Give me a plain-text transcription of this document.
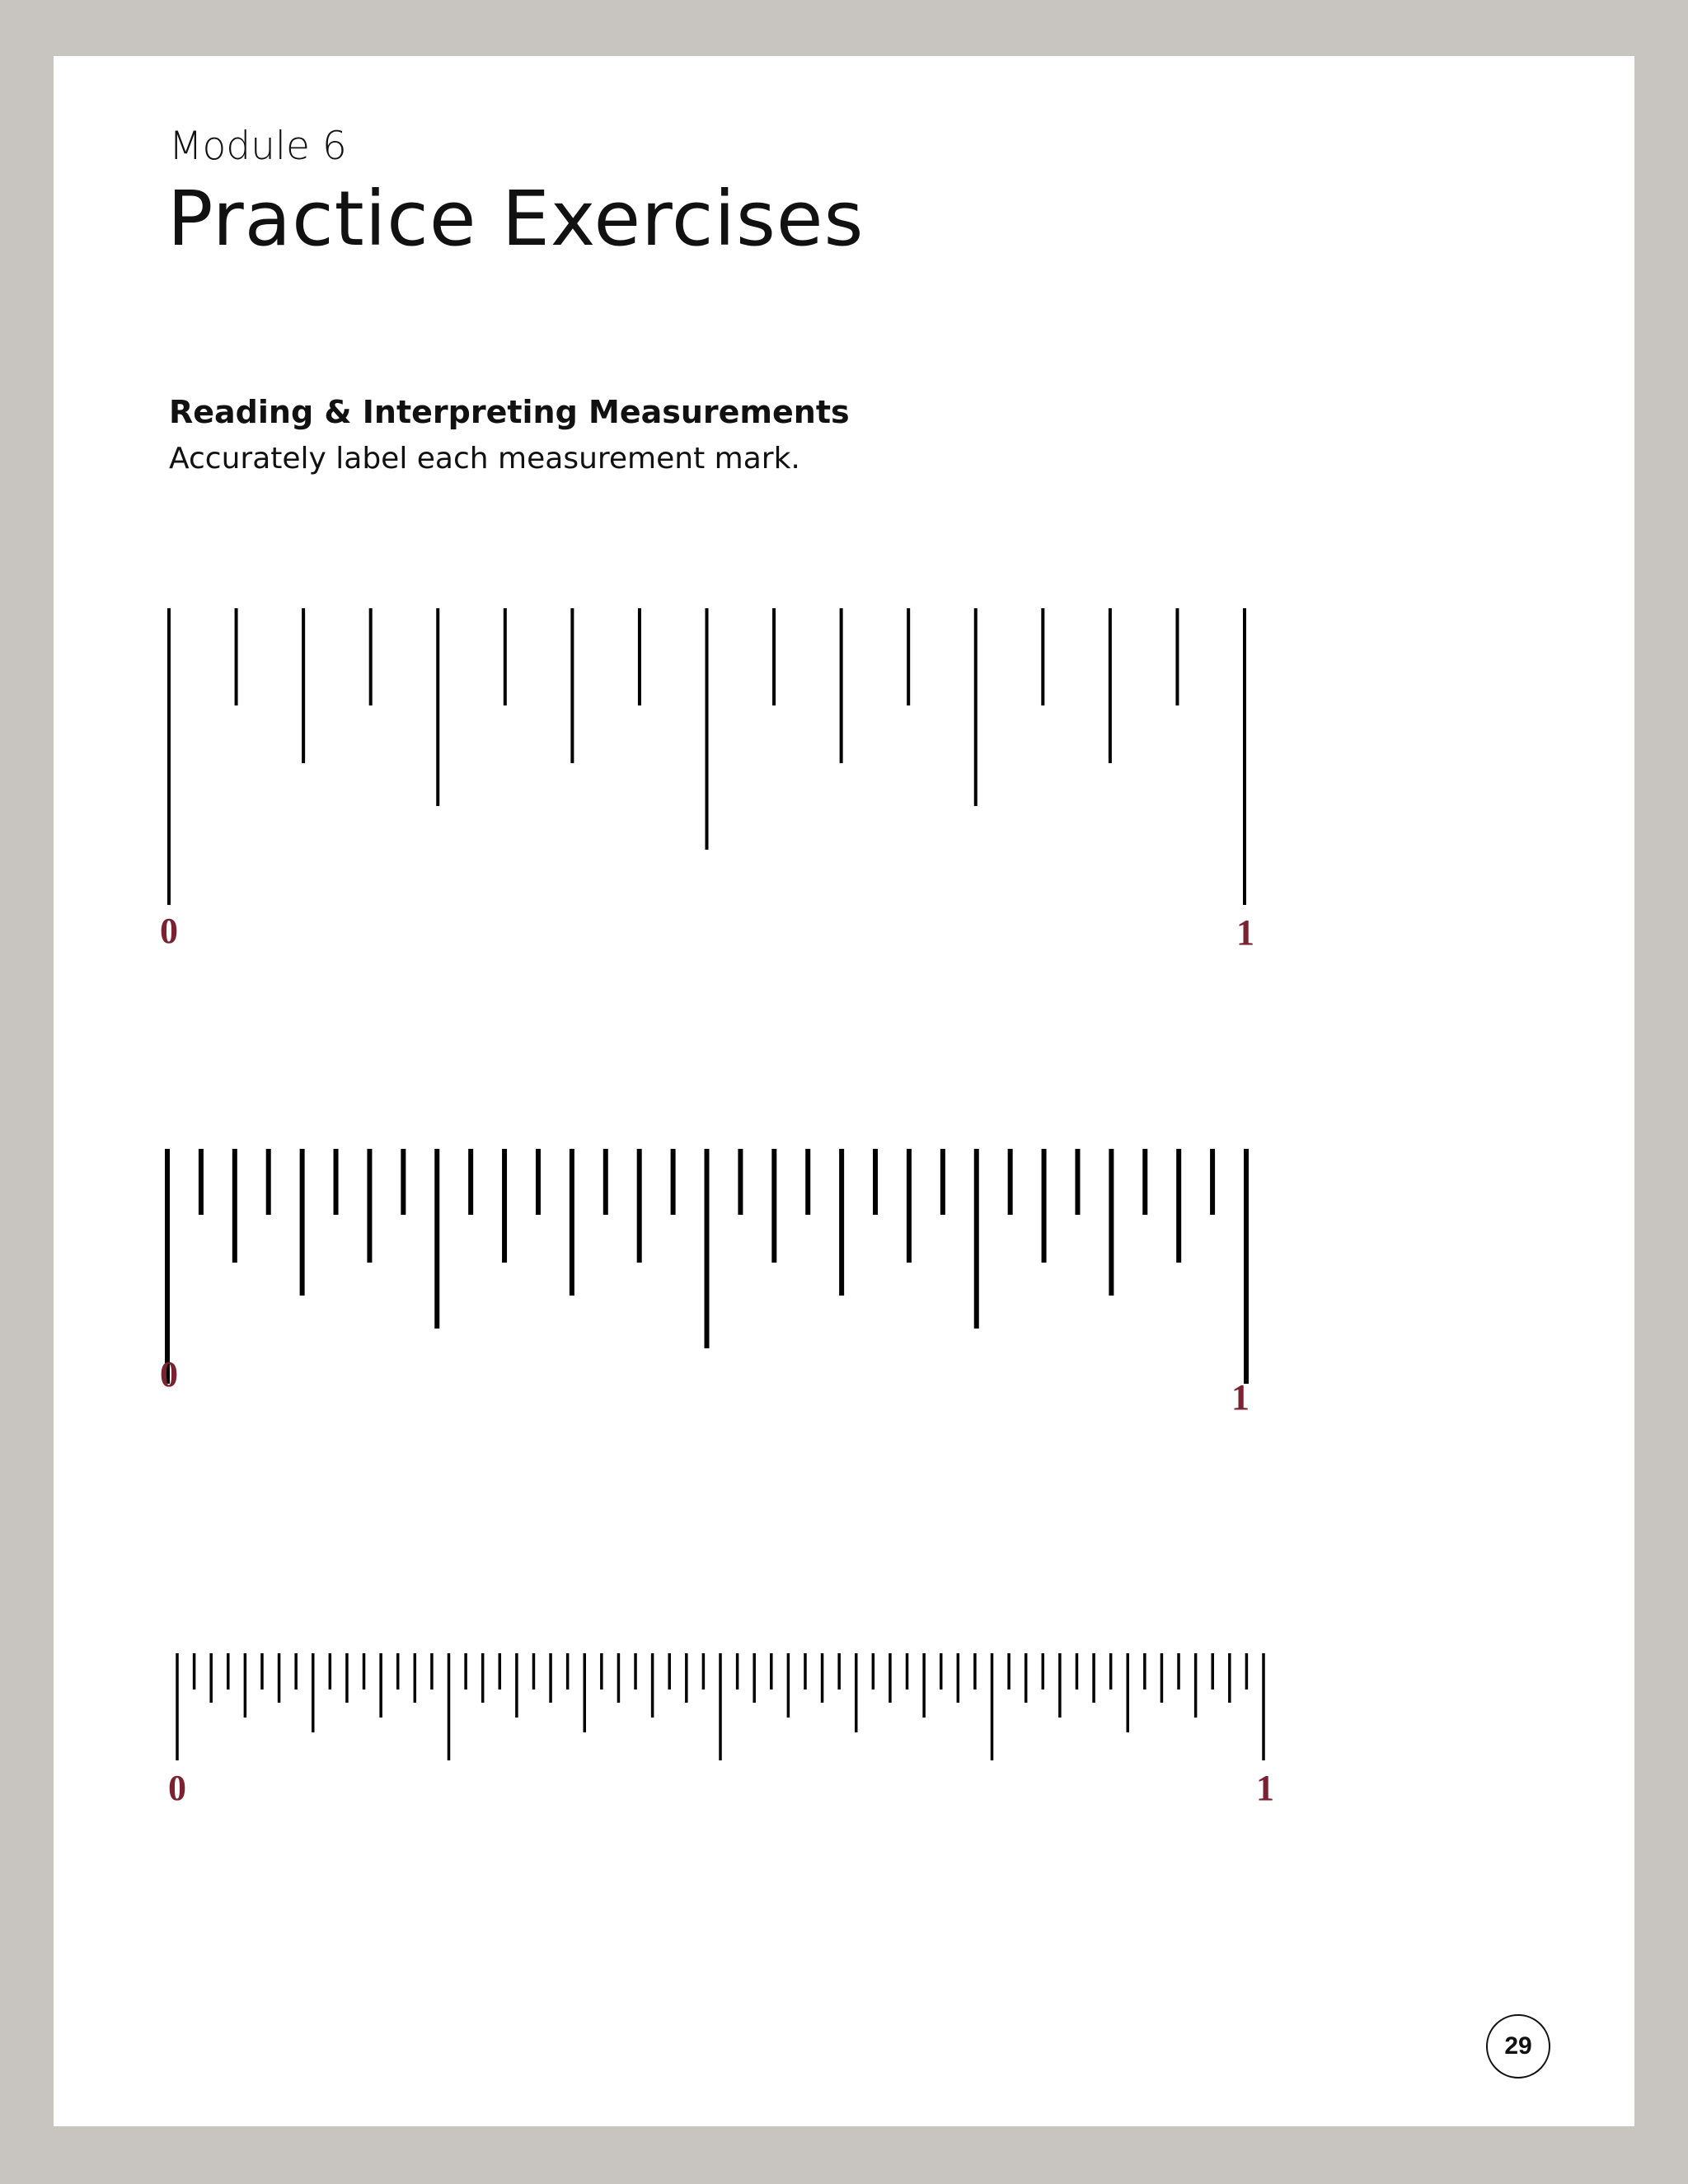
Module 6
Practice Exercises
Reading & Interpreting Measurements

Accurately label each measurement mark.

0	1
0
1
0	1
29
